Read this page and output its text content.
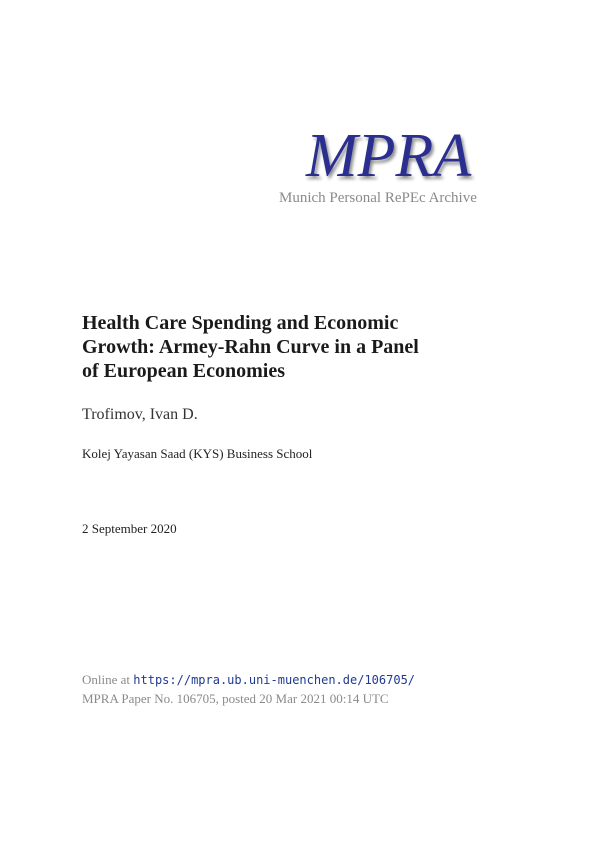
MPRA
Munich Personal RePEc Archive
Health Care Spending and Economic
Growth: Armey-Rahn Curve in a Panel
of European Economies
Trofimov, Ivan D.
Kolej Yayasan Saad (KYS) Business School
2 September 2020
Online at https://mpra.ub.uni-muenchen.de/106705/
MPRA Paper No. 106705, posted 20 Mar 2021 00:14 UTC
